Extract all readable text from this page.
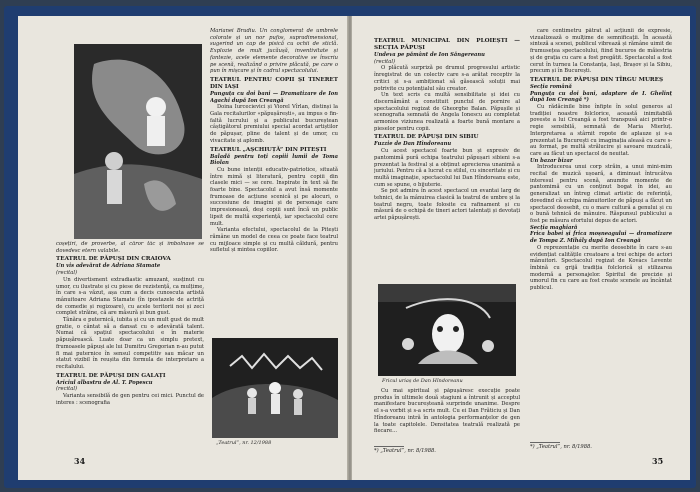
coșețiri, de proverbe, al căror tâc și îmbolnave se dovedesc etern valabile.

TEATRUL DE PĂPUȘI DIN CRAIOVA

Un vis adevărat de Adriana Stamate

(recital)

Un divertisment extradiastic amuzant, susținut cu umor, cu ilustrate și cu piese de rezistență, ca mulțime, în care s-a văzut, așa cum a decis cunoscuta artistă mânuitoare Adriana Stamate (în ipostazele de actriță de comedie și regizoare), cu acele teritorii noi și zeci complet străine, că are măsură și bun gust.

Tânăra e puternică, iubita și cu un mult gust de mult gratie, o cântat să a dansat cu o adevărată talent. Numai că spațiul spectacolului e în materie păpușărească. Luate doar ca un simplu pretext, frumoasele păpuși ale lui Dumitru Gregorian n-au putut fi mai puternice în sensul competitiv sau măcar un statut vizibil în reușita din formula de interpretare a recitalului.

TEATRUL DE PĂPUȘI DIN GALAȚI

Ariciul albastru de Al. T. Popescu

(recital)

Varianta sensibilă de gen pentru cei mici. Punctul de interes : scenografia

Marianei Brudiu. Un conglomerat de umbrele colorate și un nor pufos, supradimensional, sugerind un cap de pisică cu ochii de sticlă. Explozie de mult jucăușă, inventivitate și fantezie, acele elemente decorative se înscriu pe scenă, realizând o privire plăcută, pe care o pun în mișcare și în cadrul spectacolului.

TEATRUL PENTRU COPII ȘI TINERET DIN IAȘI

Punguța cu doi bani — Dramatizare de Ion Agachi după Ion Creangă

Doina Iurcecievici și Viorel Vîrlan, distinși la Gala recitalurilor «păpușărești», au impus o fin-faltă lucrului și a publicului bucureștean câștigătorul premiului special acordat artiștilor de păpușar, pline de talent și de umor, cu vivacitate și aplomb.

TEATRUL „AȘCHIUȚĂ” DIN PITEȘTI

Baladă pentru toți copiii lumii de Toma Biolan

Cu bune intenții educativ-patriotice, situată între mimă și literatură, pentru copiii din clasele mici — se cere. Inspirate în text să fie foarte bine. Spectacolul a avut însă momente frumoase de acțiune scenică și pe alocuri, o succesiune de imagini și de personaje care impresionează, deși copiii sunt încă un public lipsit de multă experiență, iar spectacolul cere mult.

Varianta efectului, spectacolul de la Pitești rămâne un model de ceea ce poate face teatrul cu mijloace simple și cu multă căldură, pentru sufletul și mintea copiilor.

„Teatrul”, nr. 12/1988

34

TEATRUL MUNICIPAL DIN PLOIEȘTI — SECȚIA PĂPUȘI

Undeva pe pământ de Ion Săngereanu

(recital)

O plăcută surpriză pe drumul progresului artistic înregistrat de un colectiv care s-a arătat receptiv la critici și s-a ambiționat să găsească soluții mai potrivite cu potențialul său creator.

Un text scris cu multă sensibilitate și idei cu discernământ a constituit punctul de pornire al spectacolului regizat de Gheorghe Balan. Păpușile și scenografia semnată de Angela Ionescu au completat armonios viziunea realizată a foarte bună montare a pieselor pentru copii.

TEATRUL DE PĂPUȘI DIN SIBIU

Fuzzie de Dan Hîndoreanu

Cu acest spectacol foarte bun și expresiv de pantomimă pură echipa teatrului păpușari sibieni s-a prezentat la festival și a obținut aprecierea unanimă a juriului. Pentru că a lucrat cu stilul, cu sinceritate și cu multă imaginație, spectacolul lui Dan Hîndoreanu este, cum se spune, o bijuterie.

Se pot admira în acest spectacol un evantai larg de tehnici, de la mânuirea clasică la teatrul de umbre și la teatrul negru, toate folosite cu rafinament și cu măsură de o echipă de tineri actori talentați și devotați artei păpușărești.

Fricul uriaș de Dan Hîndoreanu

Cu mai spiritual și păpușăresc execuție poate produs în ultimele două stagiuni a întrunit și acceptul manifestare bucureșteană surprinde unanime. Despre el s-a vorbit și s-a scris mult. Cu ei Dan Frăticiu și Dan Hîndoreanu intră în antologia performanțelor de gen la toate capitolele. Densitatea teatrală realizată pe fiecare...

*) „Teatrul”, nr. 8/1988.

care centimetru pătrat al acțiunii de expresie, vizualizează o mulțime de semnificații. În această sinteză a scenei, publicul vibrează și rămâne uimit de frumusețea spectacolului, fiind bucuros de măiestria și de grația cu care a fost pregătit. Spectacolul a fost cerut în turneu la Constanța, Iași, Brașov și la Sibiu, precum și în București.

TEATRUL DE PĂPUȘI DIN TÎRGU MUREȘ

Secția română

Punguța cu doi bani, adaptare de I. Ghelinț după Ion Creangă *)

Cu rădăcinile bine înfipte în solul generos al tradiției noastre folclorice, această inimitabilă poveste a lui Creangă a fost transpusă aici printr-o regie sensibilă, semnată de Maria Mierluț. Interpretarea a stârnit ropote de aplauze și s-a prezentat la București cu imaginația aleasă cu care s-au format, pe multă strălucire și savoare muzicală, care au făcut un spectacol de neuitat.

Un bazar bizar

Introducerea unui corp străin, a unui mini-mim recital de muzică ușoară, a diminuat întrucâtva interesul pentru scenă, anumite momente de pantomimă cu un conținut bogat în idei, au generalizat un întreg climat artistic de referință, dovedind că echipa mânuitorilor de păpuși a făcut un spectacol deosebit, cu o mare cultură a genului și cu o bună tehnică de mânuire. Răspunsul publicului a fost pe măsura efortului depus de actori.

Secția maghiară

Frica babei și frica moșneagului — dramatizare de Tompa Z. Mihály după Ion Creangă

O reprezentație cu merite deosebite în care s-au evidențiat calitățile creatoare a trei echipe de actori mânuitori. Spectacolul regizat de Kovács Levente îmbină cu grijă tradiția folclorică și stilizarea modernă a personajelor. Spiritul de precizie și umorul fin cu care au fost create scenele au încântat publicul.

*) „Teatrul”, nr. 8/1988.

35
